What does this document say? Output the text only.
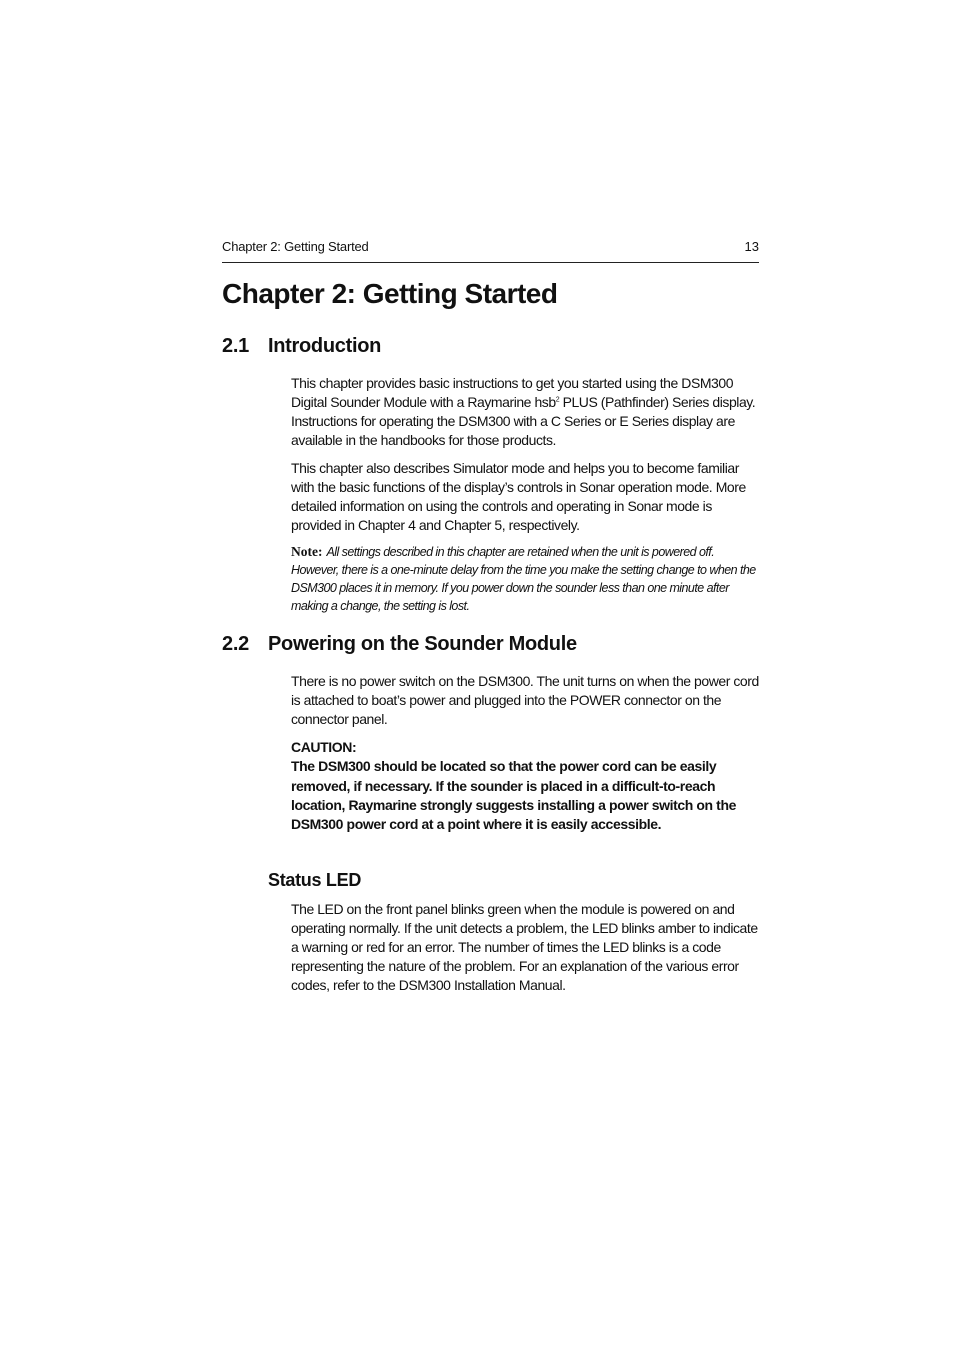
Chapter 2: Getting Started	13
Chapter 2: Getting Started
2.1 Introduction

This chapter provides basic instructions to get you started using the DSM300 Digital Sounder Module with a Raymarine hsb$^2$ PLUS (Pathfinder) Series display. Instructions for operating the DSM300 with a C Series or E Series display are available in the handbooks for those products.

This chapter also describes Simulator mode and helps you to become familiar with the basic functions of the display’s controls in Sonar operation mode. More detailed information on using the controls and operating in Sonar mode is provided in Chapter 4 and Chapter 5, respectively.

Note: All settings described in this chapter are retained when the unit is powered off. However, there is a one-minute delay from the time you make the setting change to when the DSM300 places it in memory. If you power down the sounder less than one minute after making a change, the setting is lost.

2.2 Powering on the Sounder Module

There is no power switch on the DSM300. The unit turns on when the power cord is attached to boat’s power and plugged into the POWER connector on the connector panel.

CAUTION:

The DSM300 should be located so that the power cord can be easily removed, if necessary. If the sounder is placed in a difficult-to-reach location, Raymarine strongly suggests installing a power switch on the DSM300 power cord at a point where it is easily accessible.

Status LED

The LED on the front panel blinks green when the module is powered on and operating normally. If the unit detects a problem, the LED blinks amber to indicate a warning or red for an error. The number of times the LED blinks is a code representing the nature of the problem. For an explanation of the various error codes, refer to the DSM300 Installation Manual.
